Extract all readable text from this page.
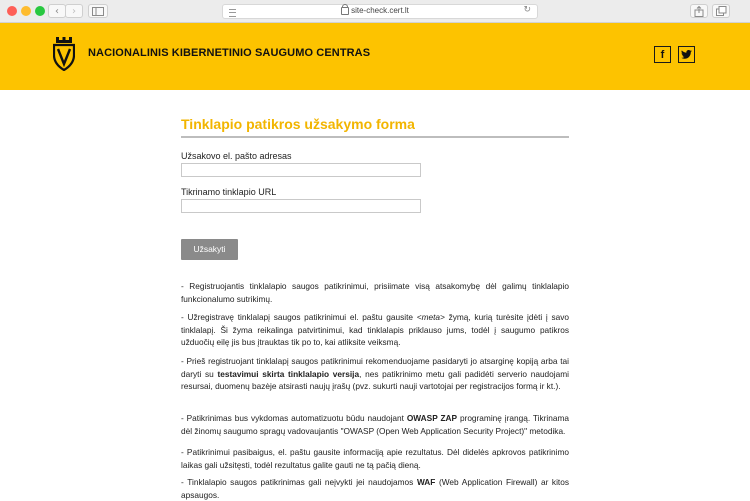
‹	›	site-check.cert.lt	↻
NACIONALINIS KIBERNETINIO SAUGUMO CENTRAS	f
Tinklapio patikros užsakymo forma
Užsakovo el. pašto adresas
Tikrinamo tinklapio URL
Užsakyti
- Registruojantis tinklalapio saugos patikrinimui, prisiimate visą atsakomybę dėl galimų tinklalapio funkcionalumo sutrikimų.
- Užregistravę tinklalapį saugos patikrinimui el. paštu gausite <meta> žymą, kurią turėsite įdėti į savo tinklalapį. Ši žyma reikalinga patvirtinimui, kad tinklalapis priklauso jums, todėl į saugumo patikros užduočių eilę jis bus įtrauktas tik po to, kai atliksite veiksmą.
- Prieš registruojant tinklalapį saugos patikrinimui rekomenduojame pasidaryti jo atsarginę kopiją arba tai daryti su testavimui skirta tinklalapio versija, nes patikrinimo metu gali padidėti serverio naudojami resursai, duomenų bazėje atsirasti naujų įrašų (pvz. sukurti nauji vartotojai per registracijos formą ir kt.).
- Patikrinimas bus vykdomas automatizuotu būdu naudojant OWASP ZAP programinę įrangą. Tikrinama dėl žinomų saugumo spragų vadovaujantis "OWASP (Open Web Application Security Project)" metodika.
- Patikrinimui pasibaigus, el. paštu gausite informaciją apie rezultatus. Dėl didelės apkrovos patikrinimo laikas gali užsitęsti, todėl rezultatus galite gauti ne tą pačią dieną.
- Tinklalapio saugos patikrinimas gali neįvykti jei naudojamos WAF (Web Application Firewall) ar kitos apsaugos.
